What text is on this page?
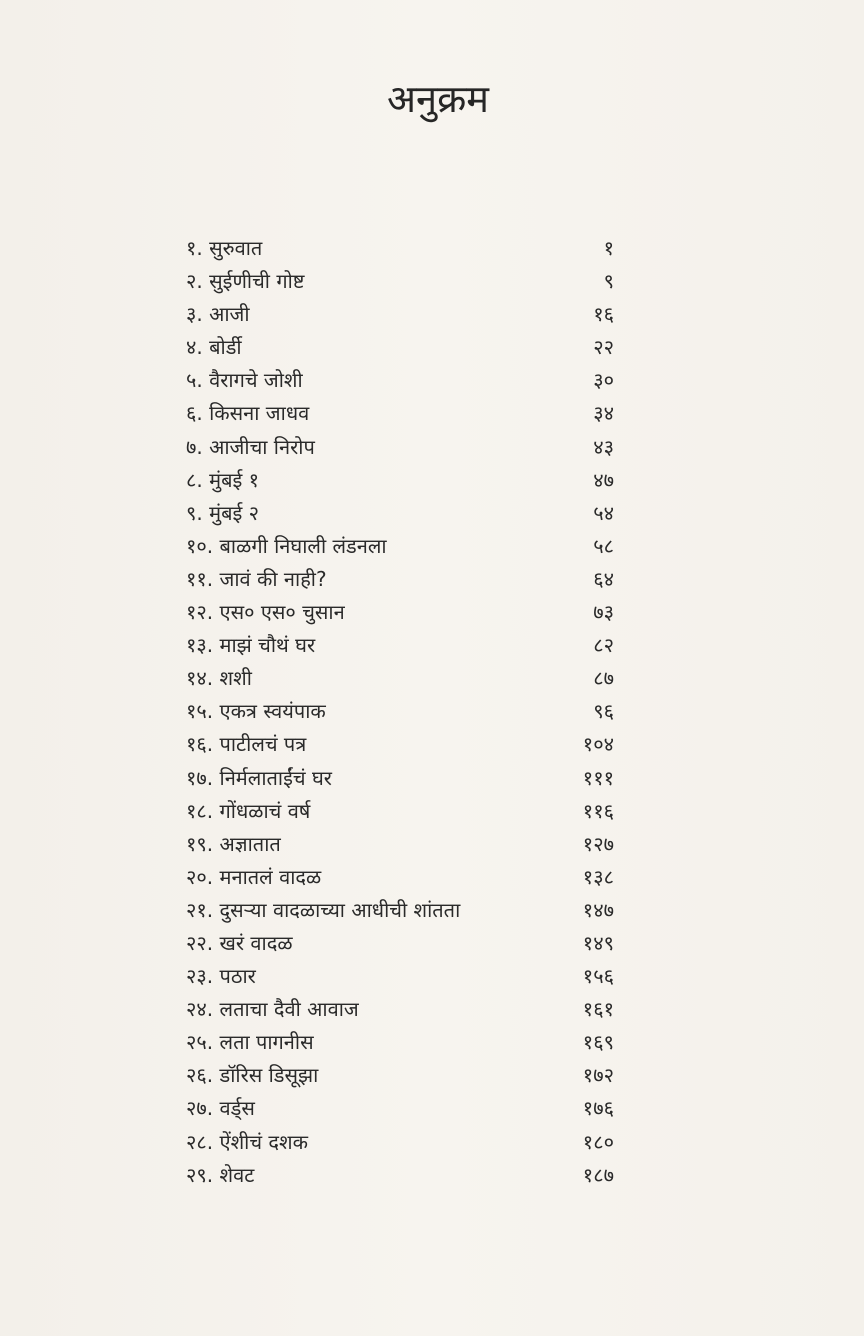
अनुक्रम
१. सुरुवात	१
२. सुईणीची गोष्ट	९
३. आजी	१६
४. बोर्डी	२२
५. वैरागचे जोशी	३०
६. किसना जाधव	३४
७. आजीचा निरोप	४३
८. मुंबई १	४७
९. मुंबई २	५४
१०. बाळगी निघाली लंडनला	५८
११. जावं की नाही?	६४
१२. एस० एस० चुसान	७३
१३. माझं चौथं घर	८२
१४. शशी	८७
१५. एकत्र स्वयंपाक	९६
१६. पाटीलचं पत्र	१०४
१७. निर्मलाताईंचं घर	१११
१८. गोंधळाचं वर्ष	११६
१९. अज्ञातात	१२७
२०. मनातलं वादळ	१३८
२१. दुसऱ्या वादळाच्या आधीची शांतता	१४७
२२. खरं वादळ	१४९
२३. पठार	१५६
२४. लताचा दैवी आवाज	१६१
२५. लता पागनीस	१६९
२६. डॉरिस डिसूझा	१७२
२७. वर्ड्स	१७६
२८. ऐंशीचं दशक	१८०
२९. शेवट	१८७
